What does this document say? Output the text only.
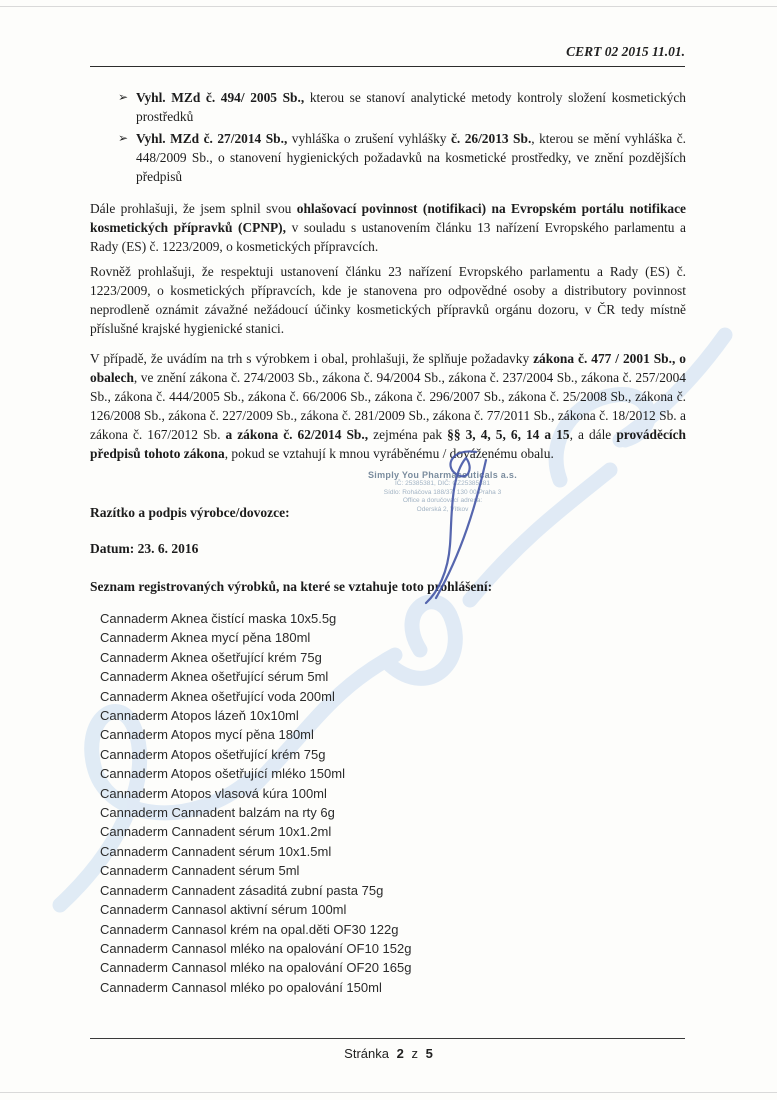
CERT 02 2015 11.01.
➢ Vyhl. MZd č. 494/ 2005 Sb., kterou se stanoví analytické metody kontroly složení kosmetických prostředků
➢ Vyhl. MZd č. 27/2014 Sb., vyhláška o zrušení vyhlášky č. 26/2013 Sb., kterou se mění vyhláška č. 448/2009 Sb., o stanovení hygienických požadavků na kosmetické prostředky, ve znění pozdějších předpisů
Dále prohlašuji, že jsem splnil svou ohlašovací povinnost (notifikaci) na Evropském portálu notifikace kosmetických přípravků (CPNP), v souladu s ustanovením článku 13 nařízení Evropského parlamentu a Rady (ES) č. 1223/2009, o kosmetických přípravcích.
Rovněž prohlašuji, že respektuji ustanovení článku 23 nařízení Evropského parlamentu a Rady (ES) č. 1223/2009, o kosmetických přípravcích, kde je stanovena pro odpovědné osoby a distributory povinnost neprodleně oznámit závažné nežádoucí účinky kosmetických přípravků orgánu dozoru, v ČR tedy místně příslušné krajské hygienické stanici.
V případě, že uvádím na trh s výrobkem i obal, prohlašuji, že splňuje požadavky zákona č. 477 / 2001 Sb., o obalech, ve znění zákona č. 274/2003 Sb., zákona č. 94/2004 Sb., zákona č. 237/2004 Sb., zákona č. 257/2004 Sb., zákona č. 444/2005 Sb., zákona č. 66/2006 Sb., zákona č. 296/2007 Sb., zákona č. 25/2008 Sb., zákona č. 126/2008 Sb., zákona č. 227/2009 Sb., zákona č. 281/2009 Sb., zákona č. 77/2011 Sb., zákona č. 18/2012 Sb. a zákona č. 167/2012 Sb. a zákona č. 62/2014 Sb., zejména pak §§ 3, 4, 5, 6, 14 a 15, a dále prováděcích předpisů tohoto zákona, pokud se vztahují k mnou vyráběnému / dováženému obalu.
Razítko a podpis výrobce/dovozce:
Datum: 23. 6. 2016
Seznam registrovaných výrobků, na které se vztahuje toto prohlášení:
Cannaderm Aknea čistící maska 10x5.5g
Cannaderm Aknea mycí pěna 180ml
Cannaderm Aknea ošetřující krém 75g
Cannaderm Aknea ošetřující sérum 5ml
Cannaderm Aknea ošetřující voda 200ml
Cannaderm Atopos lázeň 10x10ml
Cannaderm Atopos mycí pěna 180ml
Cannaderm Atopos ošetřující krém 75g
Cannaderm Atopos ošetřující mléko 150ml
Cannaderm Atopos vlasová kúra 100ml
Cannaderm Cannadent balzám na rty 6g
Cannaderm Cannadent sérum 10x1.2ml
Cannaderm Cannadent sérum 10x1.5ml
Cannaderm Cannadent sérum 5ml
Cannaderm Cannadent zásaditá zubní pasta 75g
Cannaderm Cannasol aktivní sérum 100ml
Cannaderm Cannasol krém na opal.děti OF30 122g
Cannaderm Cannasol mléko na opalování OF10 152g
Cannaderm Cannasol mléko na opalování OF20 165g
Cannaderm Cannasol mléko po opalování 150ml
Simply You Pharmaceuticals a.s.
IČ: 25385381, DIČ: CZ25385381
Sídlo: Roháčova 188/37, 130 00 Praha 3
Office a doručovací adresa:
Oderská 2, Vítkov
Stránka 2 z 5
